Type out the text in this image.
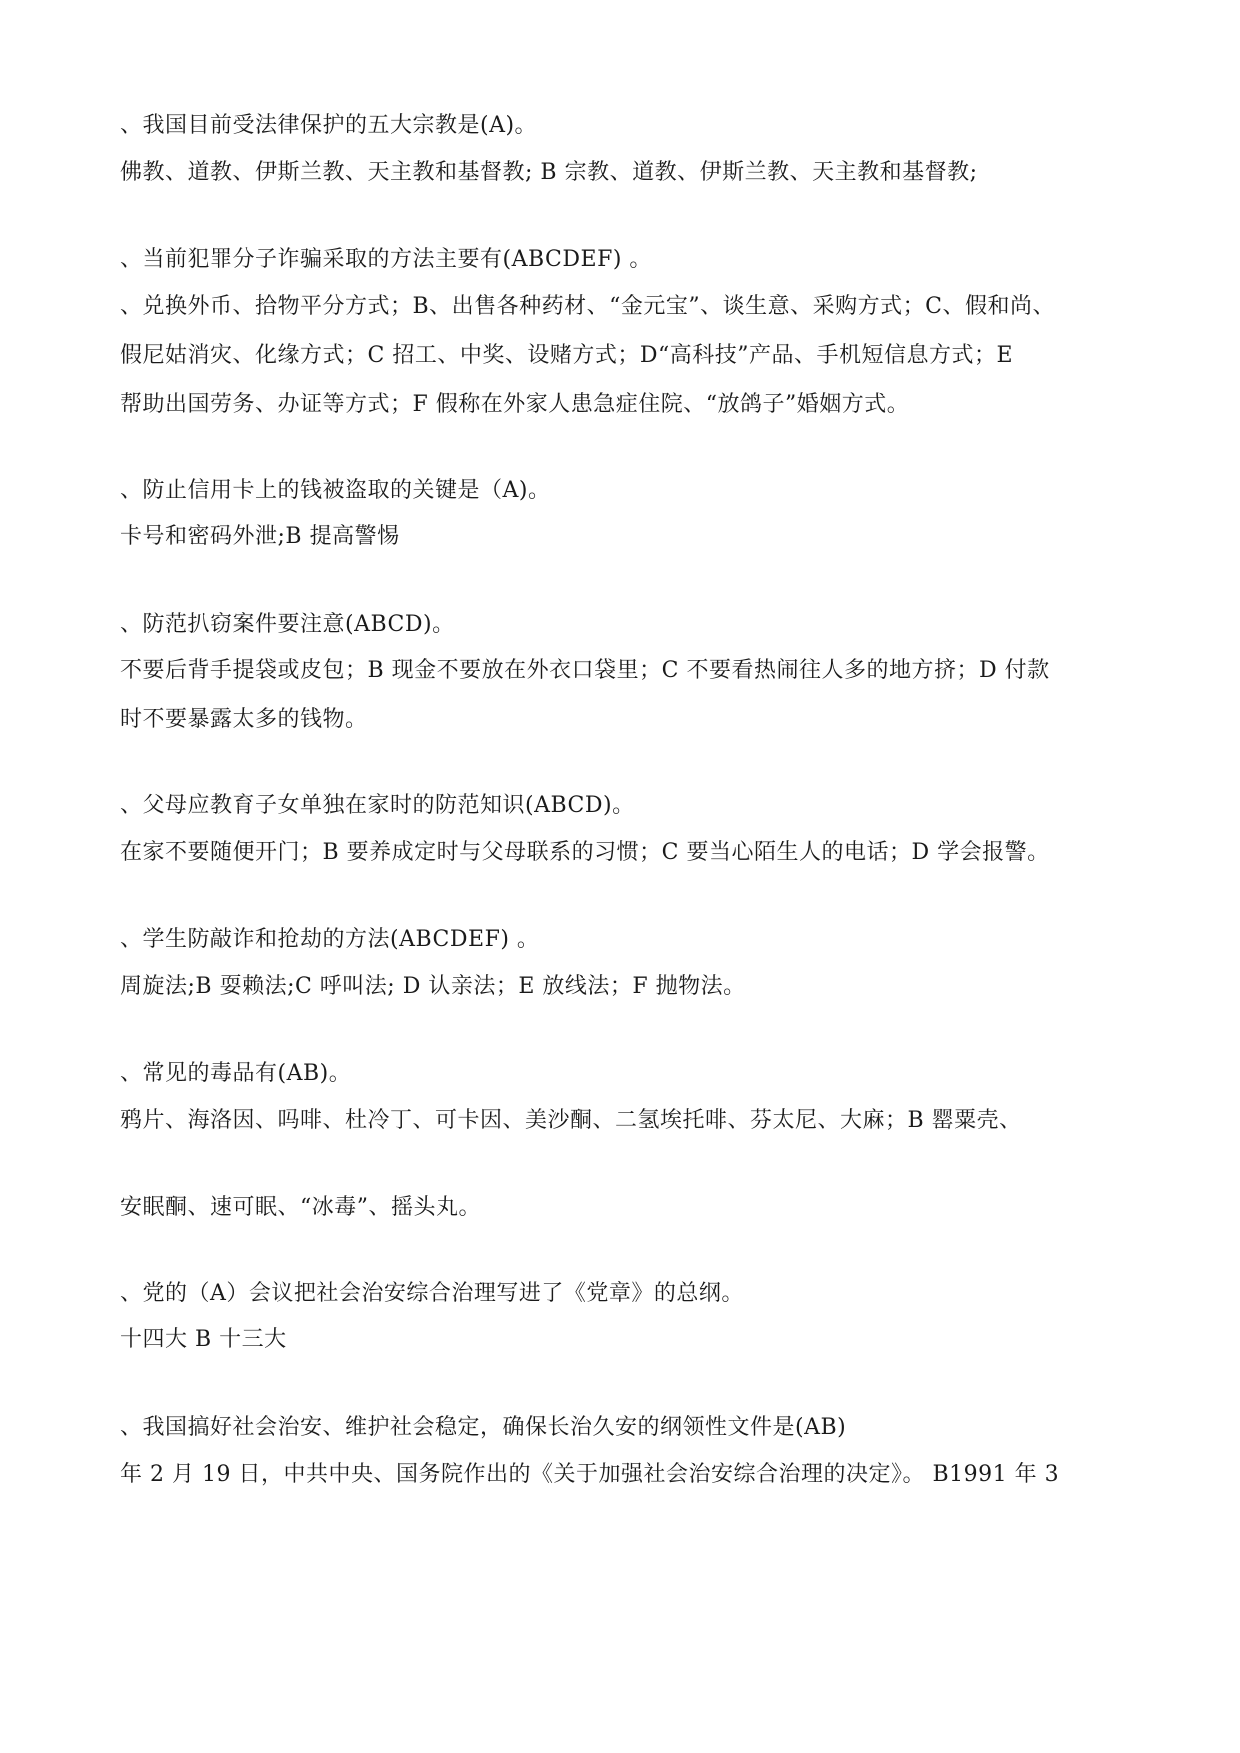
、我国目前受法律保护的五大宗教是(A)。
佛教、道教、伊斯兰教、天主教和基督教; B 宗教、道教、伊斯兰教、天主教和基督教;
、当前犯罪分子诈骗采取的方法主要有(ABCDEF) 。
、兑换外币、拾物平分方式；B、出售各种药材、“金元宝”、谈生意、采购方式；C、假和尚、
假尼姑消灾、化缘方式；C 招工、中奖、设赌方式；D“高科技”产品、手机短信息方式；E
帮助出国劳务、办证等方式；F 假称在外家人患急症住院、“放鸽子”婚姻方式。
、防止信用卡上的钱被盗取的关键是（A)。
卡号和密码外泄;B 提高警惕
、防范扒窃案件要注意(ABCD)。
不要后背手提袋或皮包；B 现金不要放在外衣口袋里；C 不要看热闹往人多的地方挤；D 付款
时不要暴露太多的钱物。
、父母应教育子女单独在家时的防范知识(ABCD)。
在家不要随便开门；B 要养成定时与父母联系的习惯；C 要当心陌生人的电话；D 学会报警。
、学生防敲诈和抢劫的方法(ABCDEF) 。
周旋法;B 耍赖法;C 呼叫法; D 认亲法；E 放线法；F 抛物法。
、常见的毒品有(AB)。
鸦片、海洛因、吗啡、杜冷丁、可卡因、美沙酮、二氢埃托啡、芬太尼、大麻；B 罂粟壳、
安眠酮、速可眠、“冰毒”、摇头丸。
、党的（A）会议把社会治安综合治理写进了《党章》的总纲。
十四大 B 十三大
、我国搞好社会治安、维护社会稳定，确保长治久安的纲领性文件是(AB)
年 2 月 19 日，中共中央、国务院作出的《关于加强社会治安综合治理的决定》。 B1991 年 3
